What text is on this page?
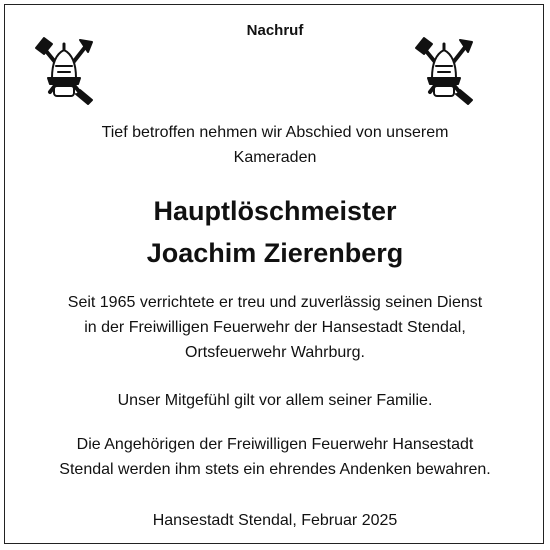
Nachruf

Tief betroffen nehmen wir Abschied von unserem
Kameraden

Hauptlöschmeister
Joachim Zierenberg

Seit 1965 verrichtete er treu und zuverlässig seinen Dienst
in der Freiwilligen Feuerwehr der Hansestadt Stendal,
Ortsfeuerwehr Wahrburg.

Unser Mitgefühl gilt vor allem seiner Familie.

Die Angehörigen der Freiwilligen Feuerwehr Hansestadt
Stendal werden ihm stets ein ehrendes Andenken bewahren.

Hansestadt Stendal, Februar 2025
